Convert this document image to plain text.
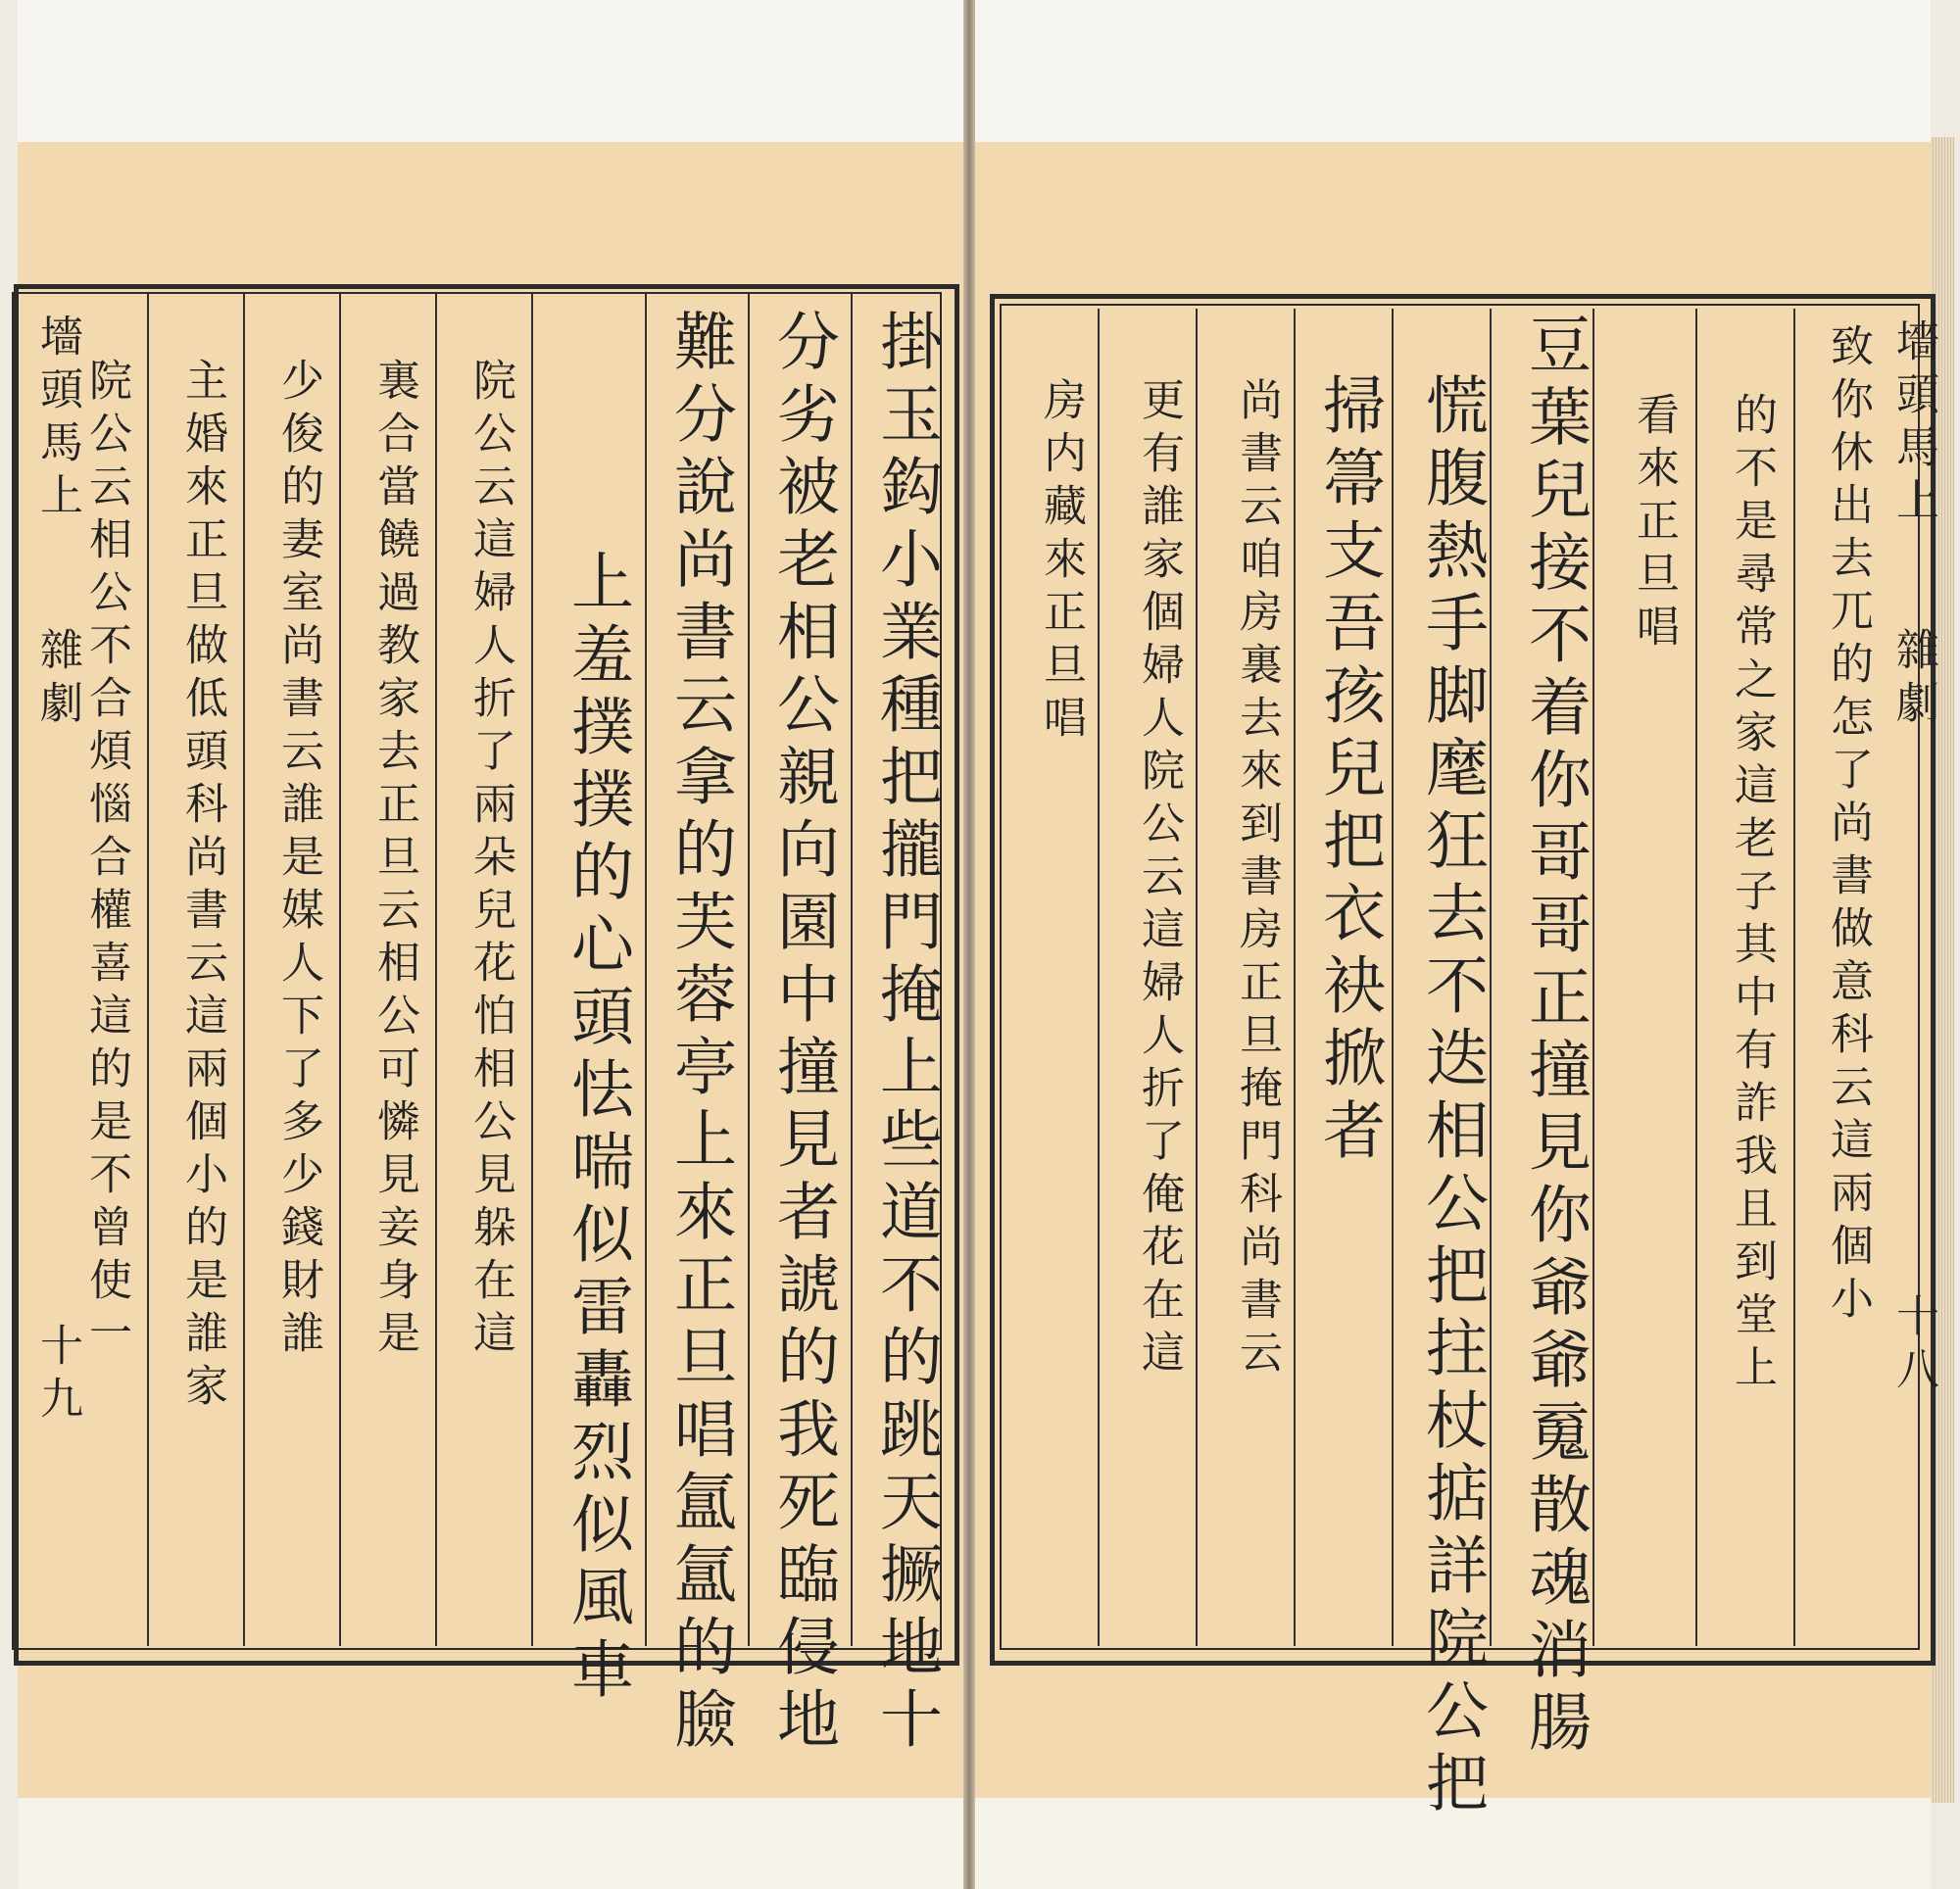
墻頭馬上
雜劇
十九	掛玉鈎小業種把攏門掩上些道不的跳天撅地十
分劣被老相公親向園中撞見者諕的我死臨侵地
難分說尚書云拿的芙蓉亭上來正旦唱氲氲的臉
上羞撲撲的心頭怯喘似雷轟烈似風車
院公云這婦人折了兩朵兒花怕相公見躲在這
裏合當饒過教家去正旦云相公可憐見妾身是
少俊的妻室尚書云誰是媒人下了多少錢財誰
主婚來正旦做低頭科尚書云這兩個小的是誰家
院公云相公不合煩惱合權喜這的是不曾使一	墻頭馬上
雜劇
十八
致你休出去兀的怎了尚書做意科云這兩個小
的不是尋常之家這老子其中有詐我且到堂上
看來正旦唱
豆葉兒接不着你哥哥正撞見你爺爺䰟散魂消腸
慌腹熱手脚麾狂去不迭相公把拄杖掂詳院公把
掃箒支吾孩兒把衣袂掀者
尚書云咱房裏去來到書房正旦掩門科尚書云
更有誰家個婦人院公云這婦人折了俺花在這
房内藏來正旦唱
